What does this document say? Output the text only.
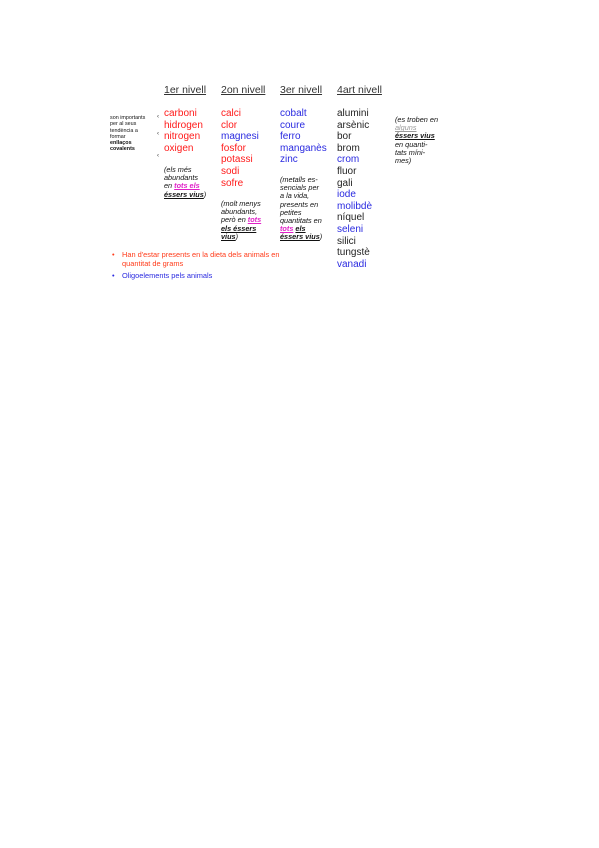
1er nivell 2on nivell 3er nivell 4art nivell
son importants
per al seus
tendència a
formar
enllaços
covalents
‹
‹
‹
carboni
hidrogen
nitrogen
oxigen
(els més
abundants
en tots els
éssers vius)
calci
clor
magnesi
fosfor
potassi
sodi
sofre
(molt menys
abundants,
però en tots
els éssers
vius)
cobalt
coure
ferro
manganès
zinc
(metalls es-
sencials per
a la vida,
presents en
petites
quantitats en
tots els
éssers vius)
alumini
arsènic
bor
brom
crom
fluor
gali
iode
molibdè
níquel
seleni
silici
tungstè
vanadi
(es troben en
alguns
éssers vius
en quanti-
tats míni-
mes)
• Han d'estar presents en la dieta dels animals en
quantitat de grams
• Oligoelements pels animals
